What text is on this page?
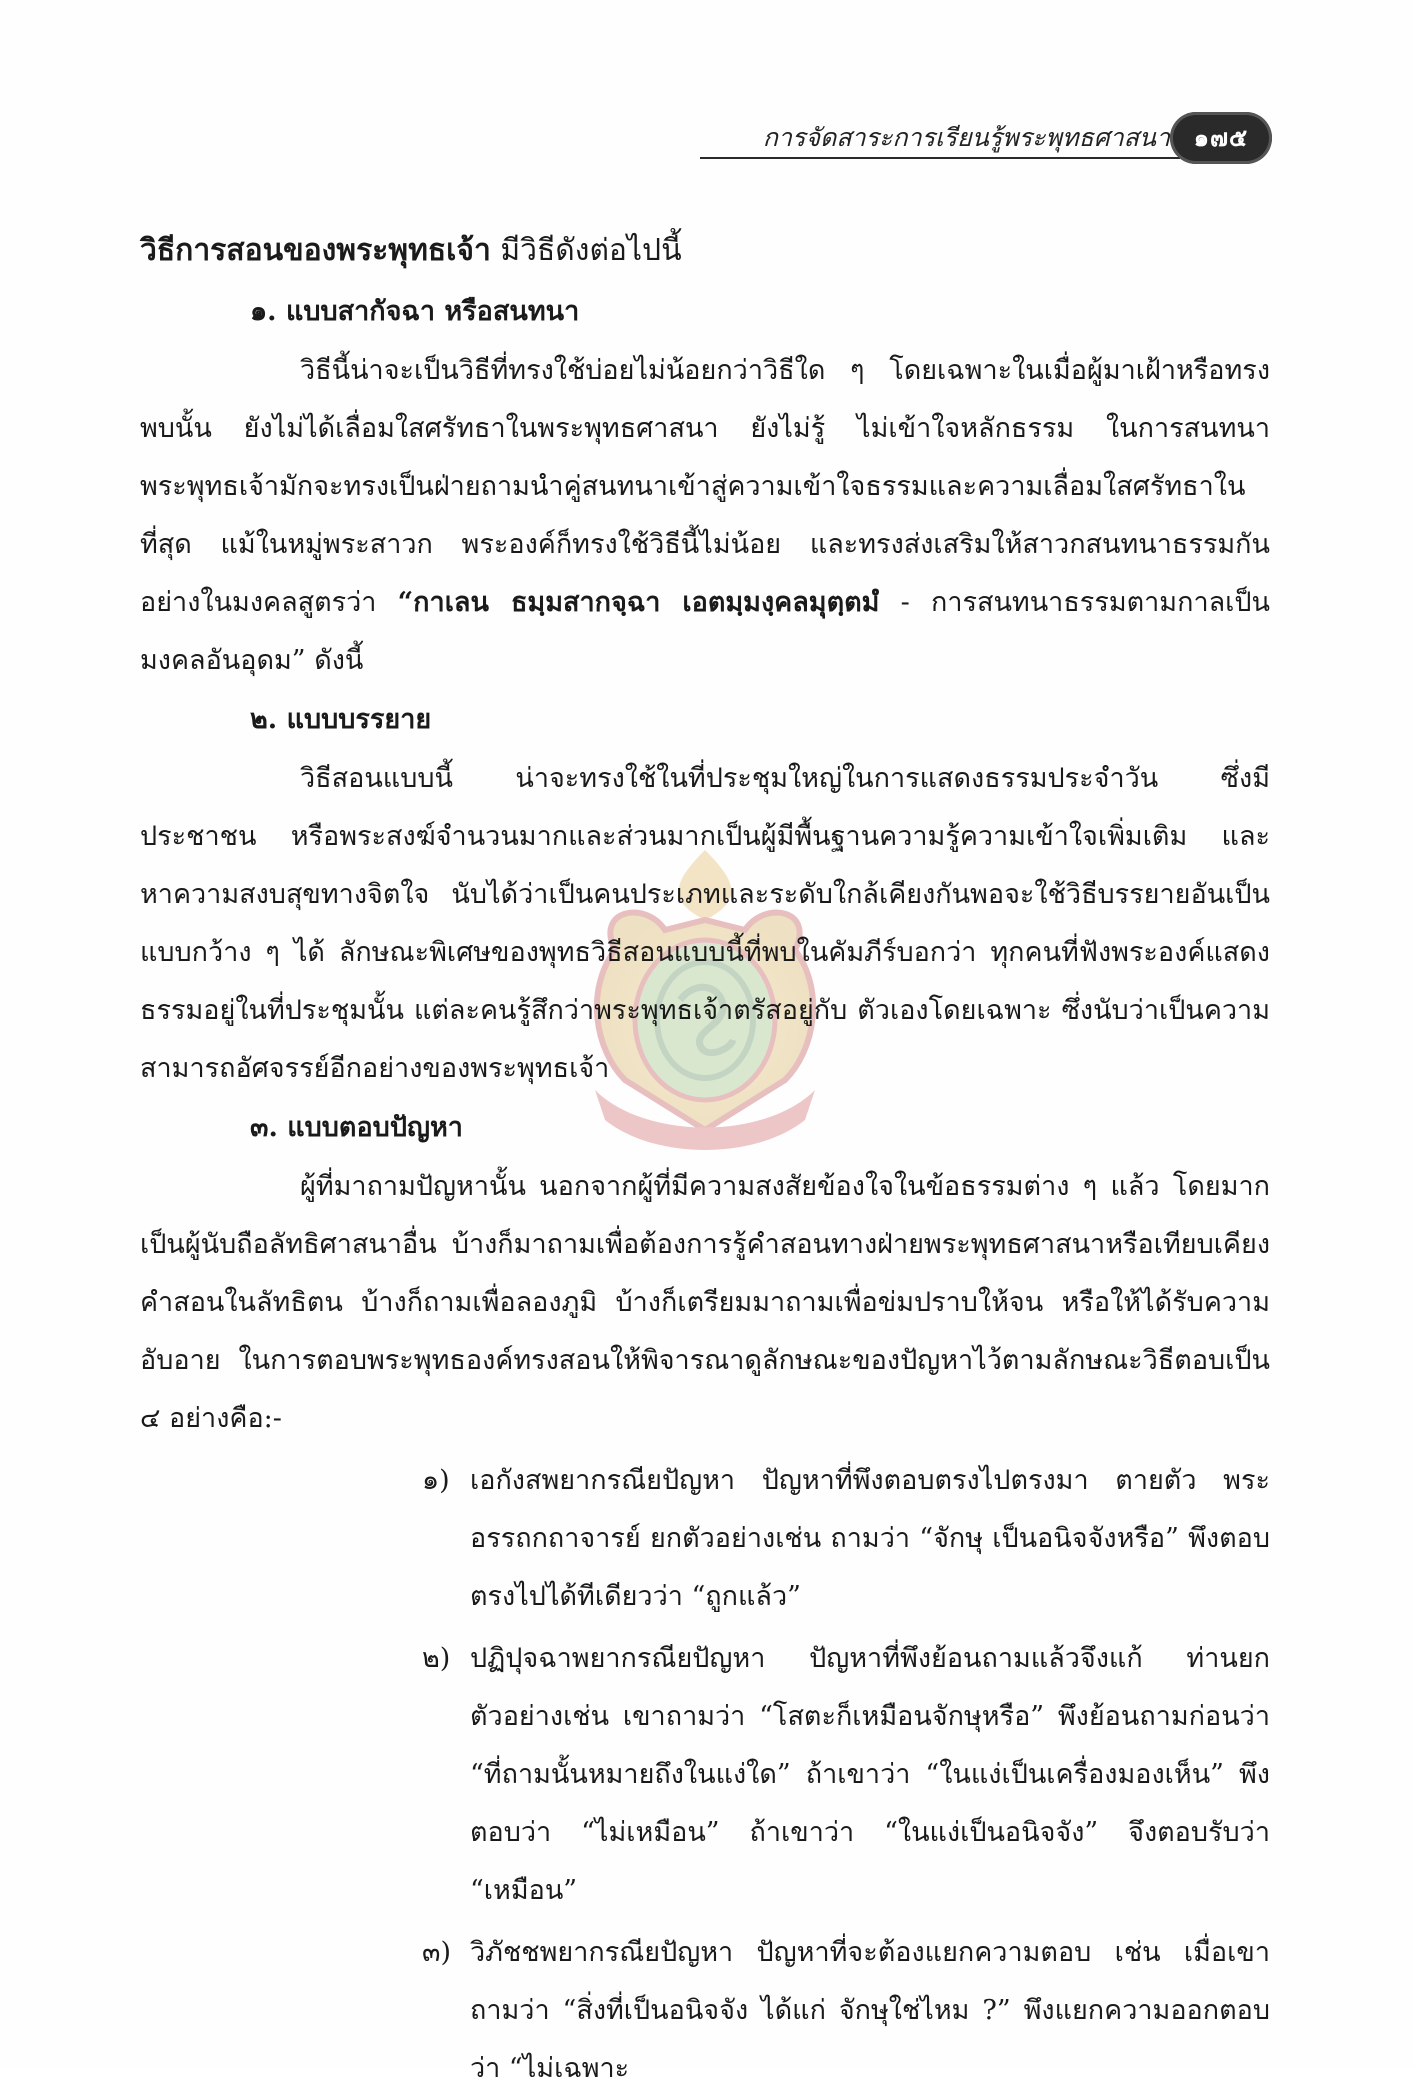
การจัดสาระการเรียนรู้พระพุทธศาสนา ๑๗๕

วิธีการสอนของพระพุทธเจ้า มีวิธีดังต่อไปนี้

๑. แบบสากัจฉา หรือสนทนา

วิธีนี้น่าจะเป็นวิธีที่ทรงใช้บ่อยไม่น้อยกว่าวิธีใด ๆ โดยเฉพาะในเมื่อผู้มาเฝ้าหรือทรงพบนั้น ยังไม่ได้เลื่อมใสศรัทธาในพระพุทธศาสนา ยังไม่รู้ ไม่เข้าใจหลักธรรม ในการสนทนาพระพุทธเจ้ามักจะทรงเป็นฝ่ายถามนำคู่สนทนาเข้าสู่ความเข้าใจธรรมและความเลื่อมใสศรัทธาในที่สุด แม้ในหมู่พระสาวก พระองค์ก็ทรงใช้วิธีนี้ไม่น้อย และทรงส่งเสริมให้สาวกสนทนาธรรมกันอย่างในมงคลสูตรว่า “กาเลน ธมฺมสากจฺฉา เอตมฺมงฺคลมุตฺตมํ - การสนทนาธรรมตามกาลเป็นมงคลอันอุดม” ดังนี้

๒. แบบบรรยาย

วิธีสอนแบบนี้ น่าจะทรงใช้ในที่ประชุมใหญ่ในการแสดงธรรมประจำวัน ซึ่งมีประชาชน หรือพระสงฆ์จำนวนมากและส่วนมากเป็นผู้มีพื้นฐานความรู้ความเข้าใจเพิ่มเติม และหาความสงบสุขทางจิตใจ นับได้ว่าเป็นคนประเภทและระดับใกล้เคียงกันพอจะใช้วิธีบรรยายอันเป็นแบบกว้าง ๆ ได้ ลักษณะพิเศษของพุทธวิธีสอนแบบนี้ที่พบในคัมภีร์บอกว่า ทุกคนที่ฟังพระองค์แสดงธรรมอยู่ในที่ประชุมนั้น แต่ละคนรู้สึกว่าพระพุทธเจ้าตรัสอยู่กับ ตัวเองโดยเฉพาะ ซึ่งนับว่าเป็นความสามารถอัศจรรย์อีกอย่างของพระพุทธเจ้า

๓. แบบตอบปัญหา

ผู้ที่มาถามปัญหานั้น นอกจากผู้ที่มีความสงสัยข้องใจในข้อธรรมต่าง ๆ แล้ว โดยมากเป็นผู้นับถือลัทธิศาสนาอื่น บ้างก็มาถามเพื่อต้องการรู้คำสอนทางฝ่ายพระพุทธศาสนาหรือเทียบเคียงคำสอนในลัทธิตน บ้างก็ถามเพื่อลองภูมิ บ้างก็เตรียมมาถามเพื่อข่มปราบให้จน หรือให้ได้รับความอับอาย ในการตอบพระพุทธองค์ทรงสอนให้พิจารณาดูลักษณะของปัญหาไว้ตามลักษณะวิธีตอบเป็น ๔ อย่างคือ:-

๑) เอกังสพยากรณียปัญหา ปัญหาที่พึงตอบตรงไปตรงมา ตายตัว พระอรรถกถาจารย์ ยกตัวอย่างเช่น ถามว่า “จักษุ เป็นอนิจจังหรือ” พึงตอบตรงไปได้ทีเดียวว่า “ถูกแล้ว”
๒) ปฏิปุจฉาพยากรณียปัญหา ปัญหาที่พึงย้อนถามแล้วจึงแก้ ท่านยกตัวอย่างเช่น เขาถามว่า “โสตะก็เหมือนจักษุหรือ” พึงย้อนถามก่อนว่า “ที่ถามนั้นหมายถึงในแง่ใด” ถ้าเขาว่า “ในแง่เป็นเครื่องมองเห็น” พึงตอบว่า “ไม่เหมือน” ถ้าเขาว่า “ในแง่เป็นอนิจจัง” จึงตอบรับว่า “เหมือน”
๓) วิภัชชพยากรณียปัญหา ปัญหาที่จะต้องแยกความตอบ เช่น เมื่อเขาถามว่า “สิ่งที่เป็นอนิจจัง ได้แก่ จักษุใช่ไหม ?” พึงแยกความออกตอบว่า “ไม่เฉพาะ
